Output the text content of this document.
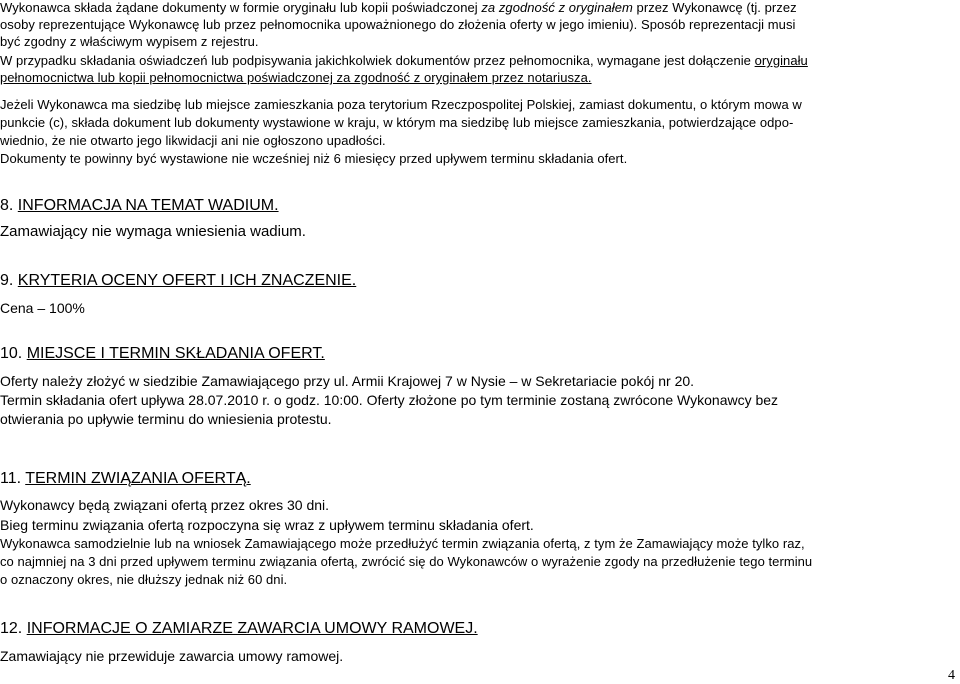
Wykonawca składa żądane dokumenty w formie oryginału lub kopii poświadczonej za zgodność z oryginałem przez Wykonawcę (tj. przez
osoby reprezentujące Wykonawcę lub przez pełnomocnika upoważnionego do złożenia oferty w jego imieniu). Sposób reprezentacji musi
być zgodny z właściwym wypisem z rejestru.
W przypadku składania oświadczeń lub podpisywania jakichkolwiek dokumentów przez pełnomocnika, wymagane jest dołączenie oryginału
pełnomocnictwa lub kopii pełnomocnictwa poświadczonej za zgodność z oryginałem przez notariusza.
Jeżeli Wykonawca ma siedzibę lub miejsce zamieszkania poza terytorium Rzeczpospolitej Polskiej, zamiast dokumentu, o którym mowa w
punkcie (c), składa dokument lub dokumenty wystawione w kraju, w którym ma siedzibę lub miejsce zamieszkania, potwierdzające odpo-
wiednio, że nie otwarto jego likwidacji ani nie ogłoszono upadłości.
Dokumenty te powinny być wystawione nie wcześniej niż 6 miesięcy przed upływem terminu składania ofert.
8. INFORMACJA NA TEMAT WADIUM.
Zamawiający nie wymaga wniesienia wadium.
9. KRYTERIA OCENY OFERT I ICH ZNACZENIE.
Cena – 100%
10. MIEJSCE I TERMIN SKŁADANIA OFERT.
Oferty należy złożyć w siedzibie Zamawiającego przy ul. Armii Krajowej 7 w Nysie – w Sekretariacie pokój nr 20.
Termin składania ofert upływa 28.07.2010 r. o godz. 10:00. Oferty złożone po tym terminie zostaną zwrócone Wykonawcy bez
otwierania po upływie terminu do wniesienia protestu.
11. TERMIN ZWIĄZANIA OFERTĄ.
Wykonawcy będą związani ofertą przez okres 30 dni.
Bieg terminu związania ofertą rozpoczyna się wraz z upływem terminu składania ofert.
Wykonawca samodzielnie lub na wniosek Zamawiającego może przedłużyć termin związania ofertą, z tym że Zamawiający może tylko raz,
co najmniej na 3 dni przed upływem terminu związania ofertą, zwrócić się do Wykonawców o wyrażenie zgody na przedłużenie tego terminu
o oznaczony okres, nie dłuższy jednak niż 60 dni.
12. INFORMACJE O ZAMIARZE ZAWARCIA UMOWY RAMOWEJ.
Zamawiający nie przewiduje zawarcia umowy ramowej.
4
